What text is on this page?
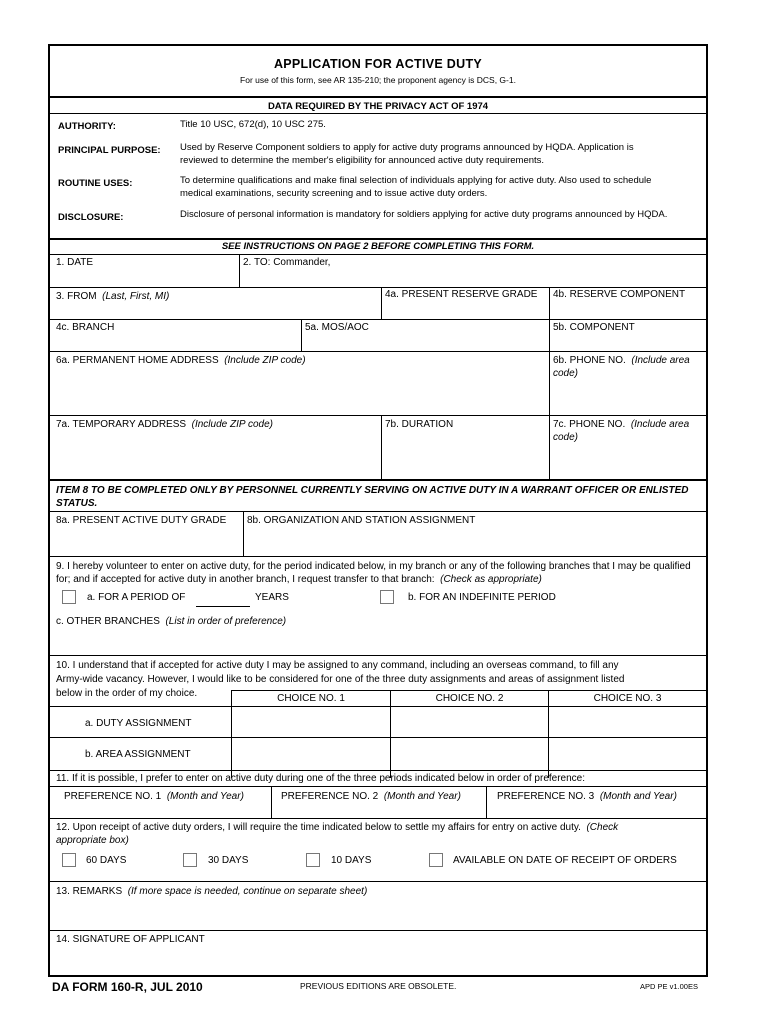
APPLICATION FOR ACTIVE DUTY
For use of this form, see AR 135-210; the proponent agency is DCS, G-1.
DATA REQUIRED BY THE PRIVACY ACT OF 1974
AUTHORITY:	Title 10 USC, 672(d), 10 USC 275.
PRINCIPAL PURPOSE: Used by Reserve Component soldiers to apply for active duty programs announced by HQDA. Application is reviewed to determine the member's eligibility for announced active duty requirements.
ROUTINE USES:	To determine qualifications and make final selection of individuals applying for active duty. Also used to schedule medical examinations, security screening and to issue active duty orders.
DISCLOSURE:	Disclosure of personal information is mandatory for soldiers applying for active duty programs announced by HQDA.
SEE INSTRUCTIONS ON PAGE 2 BEFORE COMPLETING THIS FORM.
1. DATE	2. TO: Commander,
3. FROM (Last, First, MI)	4a. PRESENT RESERVE GRADE 4b. RESERVE COMPONENT
4c. BRANCH	5a. MOS/AOC	5b. COMPONENT
6a. PERMANENT HOME ADDRESS (Include ZIP code)	6b. PHONE NO. (Include area code)
7a. TEMPORARY ADDRESS (Include ZIP code)	7b. DURATION	7c. PHONE NO. (Include area code)
ITEM 8 TO BE COMPLETED ONLY BY PERSONNEL CURRENTLY SERVING ON ACTIVE DUTY IN A WARRANT OFFICER OR ENLISTED STATUS.
8a. PRESENT ACTIVE DUTY GRADE 8b. ORGANIZATION AND STATION ASSIGNMENT
9. I hereby volunteer to enter on active duty, for the period indicated below, in my branch or any of the following branches that I may be qualified for; and if accepted for active duty in another branch, I request transfer to that branch: (Check as appropriate)
a. FOR A PERIOD OF	YEARS	b. FOR AN INDEFINITE PERIOD
c. OTHER BRANCHES (List in order of preference)
10. I understand that if accepted for active duty I may be assigned to any command, including an overseas command, to fill any Army-wide vacancy. However, I would like to be considered for one of the three duty assignments and areas of assignment listed below in the order of my choice.	CHOICE NO. 1	CHOICE NO. 2	CHOICE NO. 3
a. DUTY ASSIGNMENT
b. AREA ASSIGNMENT
11. If it is possible, I prefer to enter on active duty during one of the three periods indicated below in order of preference:
PREFERENCE NO. 1 (Month and Year)	PREFERENCE NO. 2 (Month and Year)	PREFERENCE NO. 3 (Month and Year)
12. Upon receipt of active duty orders, I will require the time indicated below to settle my affairs for entry on active duty. (Check appropriate box)
60 DAYS	30 DAYS	10 DAYS	AVAILABLE ON DATE OF RECEIPT OF ORDERS
13. REMARKS (If more space is needed, continue on separate sheet)
14. SIGNATURE OF APPLICANT
DA FORM 160-R, JUL 2010	PREVIOUS EDITIONS ARE OBSOLETE.	APD PE v1.00ES
